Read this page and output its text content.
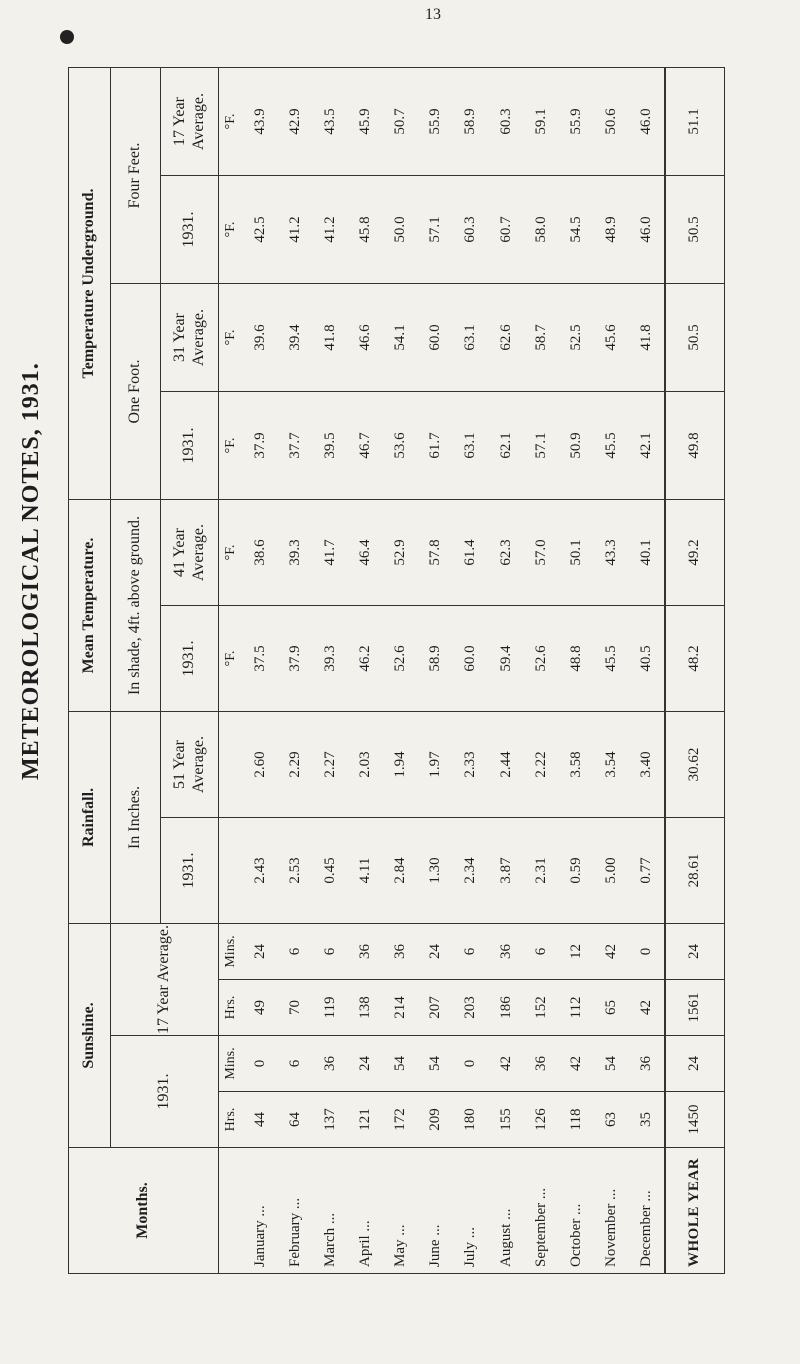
13
METEOROLOGICAL NOTES, 1931.
Months.	Sunshine.				Rainfall.		Mean Temperature.		Temperature Underground.			
	1931.		17 Year Average.		In Inches.		In shade, 4ft. above ground.		One Foot.		Four Feet.	
					1931.	51 Year Average.	1931.	41 Year Average.	1931.	31 Year Average.	1931.	17 Year Average.
	Hrs.	Mins.	Hrs.	Mins.			°F.	°F.	°F.	°F.	°F.	°F.
January ...	44	0	49	24	2.43	2.60	37.5	38.6	37.9	39.6	42.5	43.9
February ...	64	6	70	6	2.53	2.29	37.9	39.3	37.7	39.4	41.2	42.9
March ...	137	36	119	6	0.45	2.27	39.3	41.7	39.5	41.8	41.2	43.5
April ...	121	24	138	36	4.11	2.03	46.2	46.4	46.7	46.6	45.8	45.9
May ...	172	54	214	36	2.84	1.94	52.6	52.9	53.6	54.1	50.0	50.7
June ...	209	54	207	24	1.30	1.97	58.9	57.8	61.7	60.0	57.1	55.9
July ...	180	0	203	6	2.34	2.33	60.0	61.4	63.1	63.1	60.3	58.9
August ...	155	42	186	36	3.87	2.44	59.4	62.3	62.1	62.6	60.7	60.3
September ...	126	36	152	6	2.31	2.22	52.6	57.0	57.1	58.7	58.0	59.1
October ...	118	42	112	12	0.59	3.58	48.8	50.1	50.9	52.5	54.5	55.9
November ...	63	54	65	42	5.00	3.54	45.5	43.3	45.5	45.6	48.9	50.6
December ...	35	36	42	0	0.77	3.40	40.5	40.1	42.1	41.8	46.0	46.0
WHOLE YEAR	1450	24	1561	24	28.61	30.62	48.2	49.2	49.8	50.5	50.5	51.1
